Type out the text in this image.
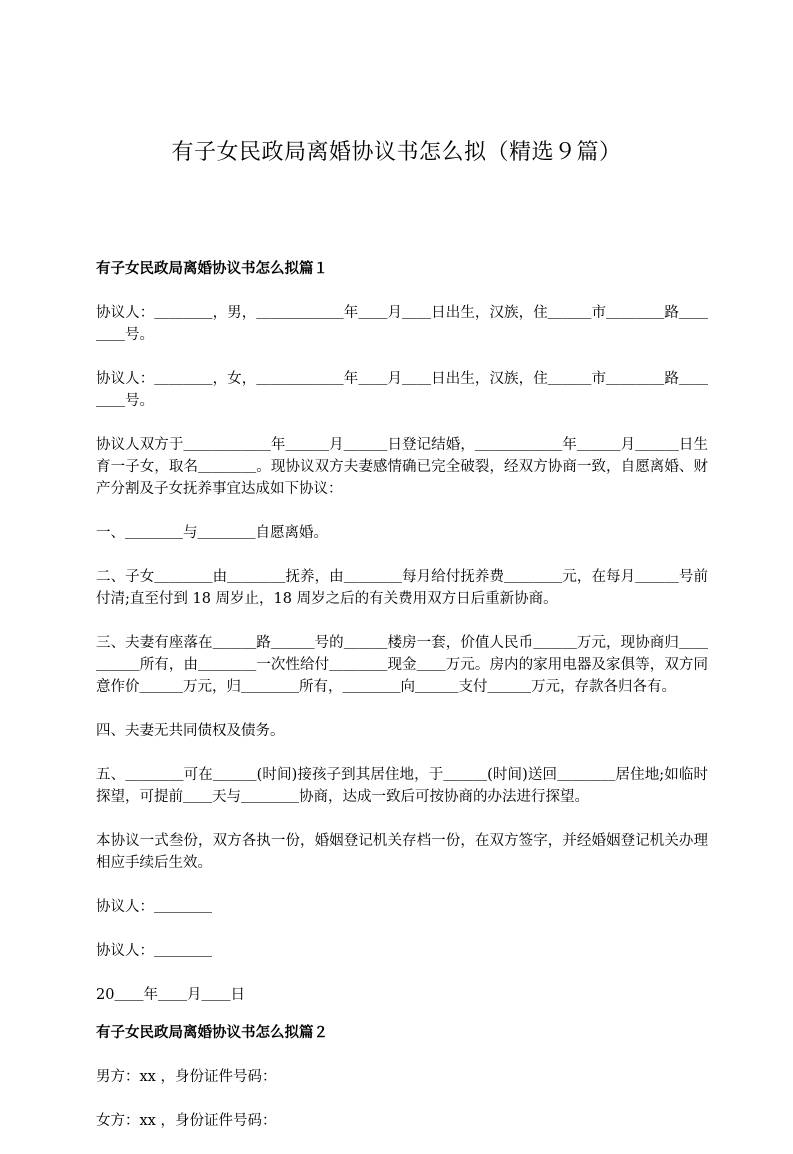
有子女民政局离婚协议书怎么拟（精选９篇）
有子女民政局离婚协议书怎么拟篇１

协议人：＿＿＿＿，男，＿＿＿＿＿＿年＿＿月＿＿日出生，汉族，住＿＿＿市＿＿＿＿路＿＿＿＿号。

协议人：＿＿＿＿，女，＿＿＿＿＿＿年＿＿月＿＿日出生，汉族，住＿＿＿市＿＿＿＿路＿＿＿＿号。

协议人双方于＿＿＿＿＿＿年＿＿＿月＿＿＿日登记结婚，＿＿＿＿＿＿年＿＿＿月＿＿＿日生育一子女，取名＿＿＿＿。现协议双方夫妻感情确已完全破裂，经双方协商一致，自愿离婚、财产分割及子女抚养事宜达成如下协议：

一、＿＿＿＿与＿＿＿＿自愿离婚。

二、子女＿＿＿＿由＿＿＿＿抚养，由＿＿＿＿每月给付抚养费＿＿＿＿元，在每月＿＿＿号前付清;直至付到 18 周岁止，18 周岁之后的有关费用双方日后重新协商。

三、夫妻有座落在＿＿＿路＿＿＿号的＿＿＿楼房一套，价值人民币＿＿＿万元，现协商归＿＿＿＿＿所有，由＿＿＿＿一次性给付＿＿＿＿现金＿＿万元。房内的家用电器及家俱等，双方同意作价＿＿＿万元，归＿＿＿＿所有，＿＿＿＿向＿＿＿支付＿＿＿万元，存款各归各有。

四、夫妻无共同债权及债务。

五、＿＿＿＿可在＿＿＿(时间)接孩子到其居住地，于＿＿＿(时间)送回＿＿＿＿居住地;如临时探望，可提前＿＿天与＿＿＿＿协商，达成一致后可按协商的办法进行探望。

本协议一式叁份，双方各执一份，婚姻登记机关存档一份，在双方签字，并经婚姻登记机关办理相应手续后生效。

协议人：＿＿＿＿

协议人：＿＿＿＿

20＿＿年＿＿月＿＿日

有子女民政局离婚协议书怎么拟篇２

男方：xx ，身份证件号码：

女方：xx ，身份证件号码：
